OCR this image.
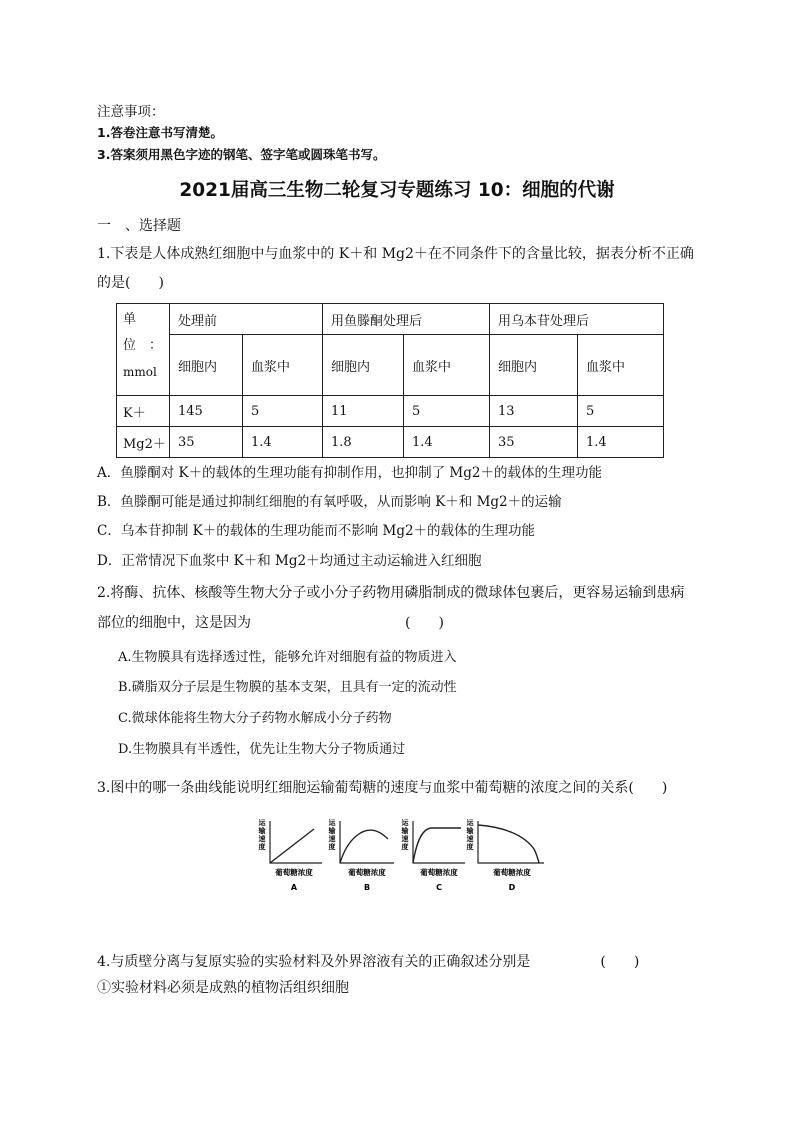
注意事项：
1.答卷注意书写清楚。
3.答案须用黑色字迹的钢笔、签字笔或圆珠笔书写。
2021届高三生物二轮复习专题练习 10：细胞的代谢
一　、选择题
1.下表是人体成熟红细胞中与血浆中的 K＋和 Mg2＋在不同条件下的含量比较，据表分析不正确
的是(　　)
单
位　：
mmol	处理前		用鱼滕酮处理后		用乌本苷处理后	
	细胞内	血浆中	细胞内	血浆中	细胞内	血浆中
K＋	145	5	11	5	13	5
Mg2＋	35	1.4	1.8	1.4	35	1.4
A．鱼滕酮对 K＋的载体的生理功能有抑制作用，也抑制了 Mg2＋的载体的生理功能
B．鱼滕酮可能是通过抑制红细胞的有氧呼吸，从而影响 K＋和 Mg2＋的运输
C．乌本苷抑制 K＋的载体的生理功能而不影响 Mg2＋的载体的生理功能
D．正常情况下血浆中 K＋和 Mg2＋均通过主动运输进入红细胞
2.将酶、抗体、核酸等生物大分子或小分子药物用磷脂制成的微球体包裹后，更容易运输到患病
部位的细胞中，这是因为　　　　　　　　　　　(　　)
A.生物膜具有选择透过性，能够允许对细胞有益的物质进入
B.磷脂双分子层是生物膜的基本支架，且具有一定的流动性
C.微球体能将生物大分子药物水解成小分子药物
D.生物膜具有半透性，优先让生物大分子物质通过
3.图中的哪一条曲线能说明红细胞运输葡萄糖的速度与血浆中葡萄糖的浓度之间的关系(　　)
运
输
速
度
葡萄糖浓度
A
运
输
速
度
葡萄糖浓度
B
运
输
速
度
葡萄糖浓度
C
运
输
速
度
葡萄糖浓度
D
4.与质壁分离与复原实验的实验材料及外界溶液有关的正确叙述分别是　　　　　(　　)
①实验材料必须是成熟的植物活组织细胞
